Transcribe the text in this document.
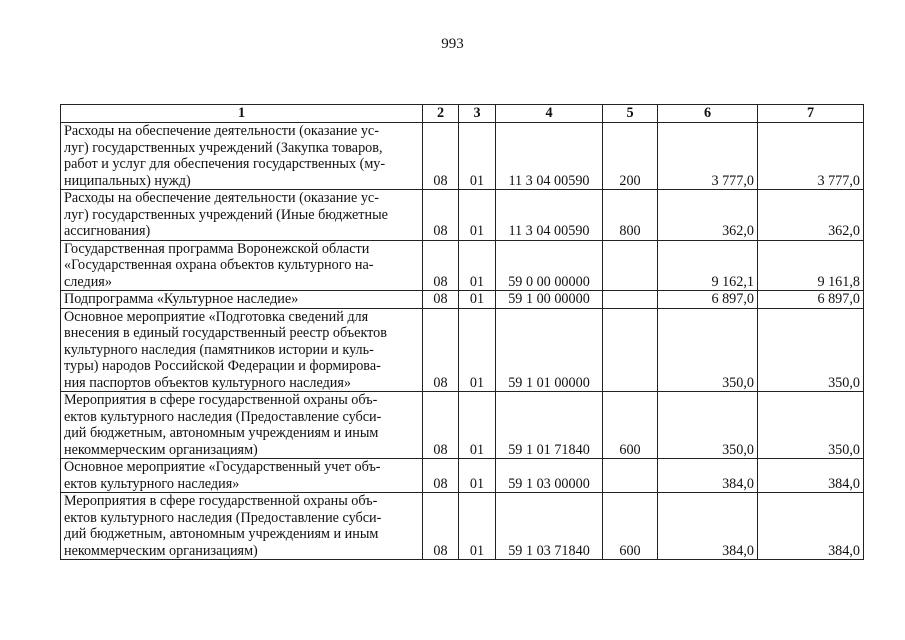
993
1	2	3	4	5	6	7

Расходы на обеспечение деятельности (оказание ус-
луг) государственных учреждений (Закупка товаров,
работ и услуг для обеспечения государственных (му-
ниципальных) нужд)	08	01	11 3 04 00590	200	3 777,0	3 777,0

Расходы на обеспечение деятельности (оказание ус-
луг) государственных учреждений (Иные бюджетные
ассигнования)	08	01	11 3 04 00590	800	362,0	362,0

Государственная программа Воронежской области
«Государственная охрана объектов культурного на-
следия»	08	01	59 0 00 00000		9 162,1	9 161,8

Подпрограмма «Культурное наследие»	08	01	59 1 00 00000		6 897,0	6 897,0

Основное мероприятие «Подготовка сведений для
внесения в единый государственный реестр объектов
культурного наследия (памятников истории и куль-
туры) народов Российской Федерации и формирова-
ния паспортов объектов культурного наследия»	08	01	59 1 01 00000		350,0	350,0

Мероприятия в сфере государственной охраны объ-
ектов культурного наследия (Предоставление субси-
дий бюджетным, автономным учреждениям и иным
некоммерческим организациям)	08	01	59 1 01 71840	600	350,0	350,0

Основное мероприятие «Государственный учет объ-
ектов культурного наследия»	08	01	59 1 03 00000		384,0	384,0

Мероприятия в сфере государственной охраны объ-
ектов культурного наследия (Предоставление субси-
дий бюджетным, автономным учреждениям и иным
некоммерческим организациям)	08	01	59 1 03 71840	600	384,0	384,0
